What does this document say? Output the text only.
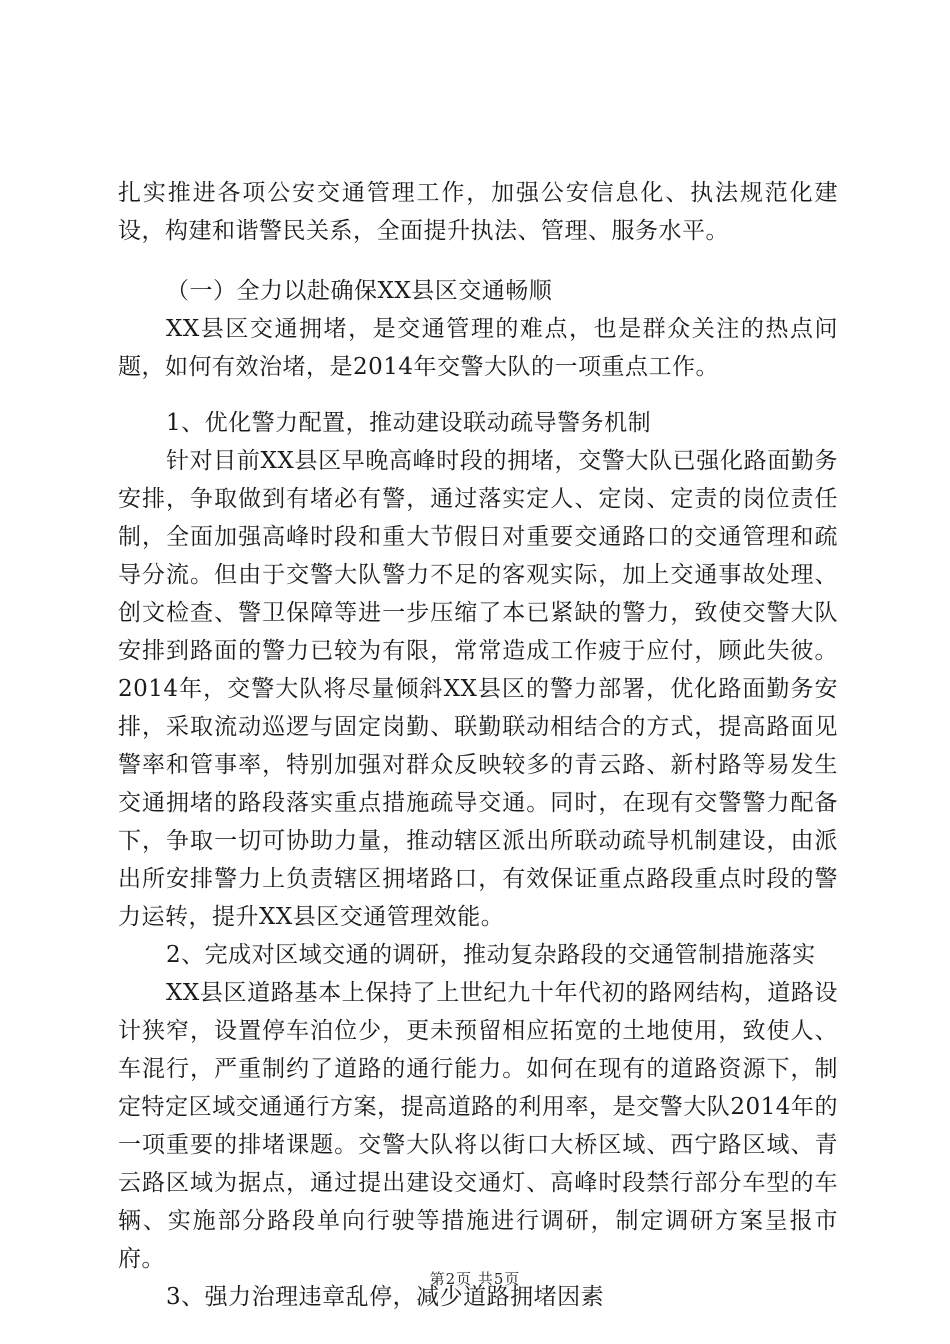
扎实推进各项公安交通管理工作，加强公安信息化、执法规范化建设，构建和谐警民关系，全面提升执法、管理、服务水平。

（一）全力以赴确保XX县区交通畅顺

XX县区交通拥堵，是交通管理的难点，也是群众关注的热点问题，如何有效治堵，是2014年交警大队的一项重点工作。

1、优化警力配置，推动建设联动疏导警务机制

针对目前XX县区早晚高峰时段的拥堵，交警大队已强化路面勤务安排，争取做到有堵必有警，通过落实定人、定岗、定责的岗位责任制，全面加强高峰时段和重大节假日对重要交通路口的交通管理和疏导分流。但由于交警大队警力不足的客观实际，加上交通事故处理、创文检查、警卫保障等进一步压缩了本已紧缺的警力，致使交警大队安排到路面的警力已较为有限，常常造成工作疲于应付，顾此失彼。2014年，交警大队将尽量倾斜XX县区的警力部署，优化路面勤务安排，采取流动巡逻与固定岗勤、联勤联动相结合的方式，提高路面见警率和管事率，特别加强对群众反映较多的青云路、新村路等易发生交通拥堵的路段落实重点措施疏导交通。同时，在现有交警警力配备下，争取一切可协助力量，推动辖区派出所联动疏导机制建设，由派出所安排警力上负责辖区拥堵路口，有效保证重点路段重点时段的警力运转，提升XX县区交通管理效能。

2、完成对区域交通的调研，推动复杂路段的交通管制措施落实

XX县区道路基本上保持了上世纪九十年代初的路网结构，道路设计狭窄，设置停车泊位少，更未预留相应拓宽的土地使用，致使人、车混行，严重制约了道路的通行能力。如何在现有的道路资源下，制定特定区域交通通行方案，提高道路的利用率，是交警大队2014年的一项重要的排堵课题。交警大队将以街口大桥区域、西宁路区域、青云路区域为据点，通过提出建设交通灯、高峰时段禁行部分车型的车辆、实施部分路段单向行驶等措施进行调研，制定调研方案呈报市府。

3、强力治理违章乱停，减少道路拥堵因素

第2页 共5页
